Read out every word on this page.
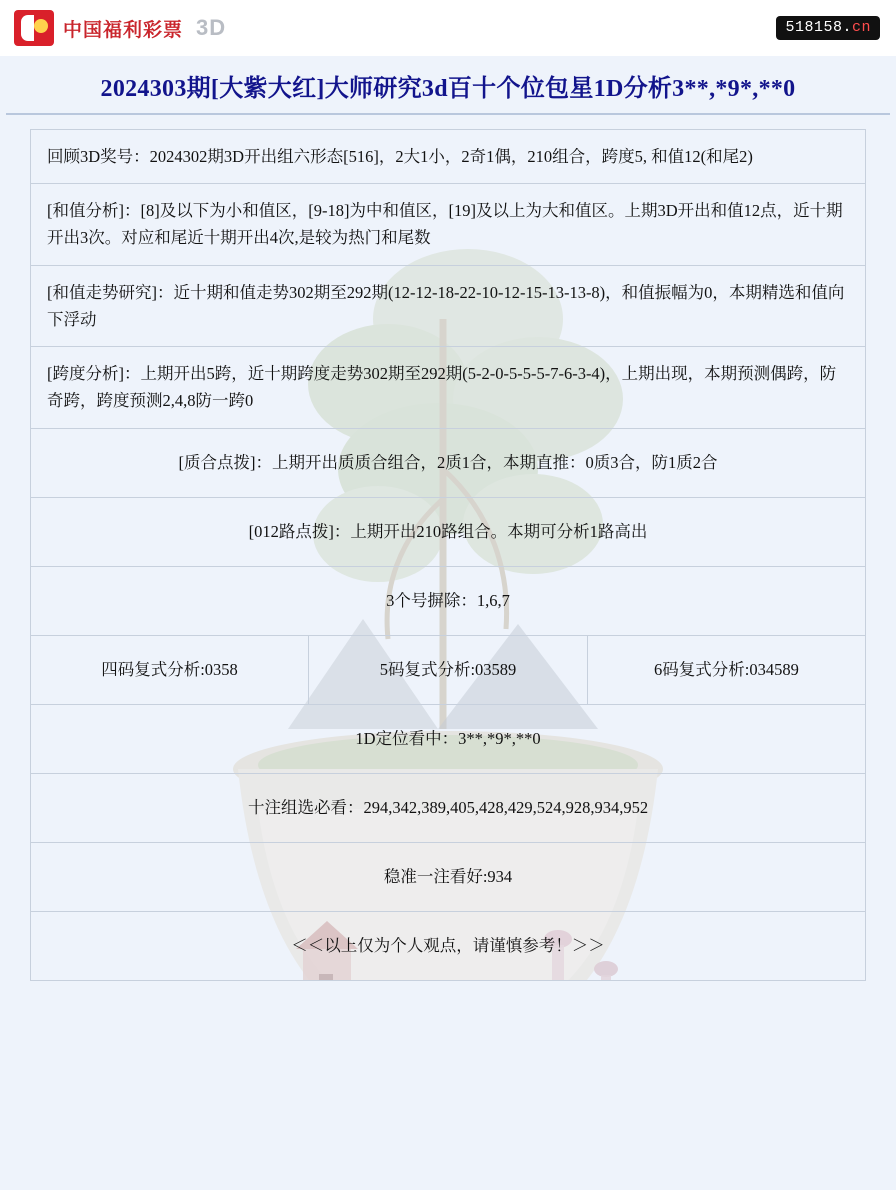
中国福利彩票 3D	518158.cn
2024303期[大紫大红]大师研究3d百十个位包星1D分析3**,*9*,**0
回顾3D奖号：2024302期3D开出组六形态[516]，2大1小，2奇1偶，210组合，跨度5, 和值12(和尾2)
[和值分析]：[8]及以下为小和值区，[9-18]为中和值区，[19]及以上为大和值区。上期3D开出和值12点，近十期开出3次。对应和尾近十期开出4次,是较为热门和尾数
[和值走势研究]：近十期和值走势302期至292期(12-12-18-22-10-12-15-13-13-8)，和值振幅为0，本期精选和值向下浮动
[跨度分析]：上期开出5跨，近十期跨度走势302期至292期(5-2-0-5-5-5-7-6-3-4)，上期出现，本期预测偶跨，防奇跨，跨度预测2,4,8防一跨0
[质合点拨]：上期开出质质合组合，2质1合，本期直推：0质3合，防1质2合
[012路点拨]：上期开出210路组合。本期可分析1路高出
3个号摒除：1,6,7
四码复式分析:0358	5码复式分析:03589	6码复式分析:034589
1D定位看中：3**,*9*,**0
十注组选必看：294,342,389,405,428,429,524,928,934,952
稳准一注看好:934
＜＜以上仅为个人观点，请谨慎参考！＞＞
